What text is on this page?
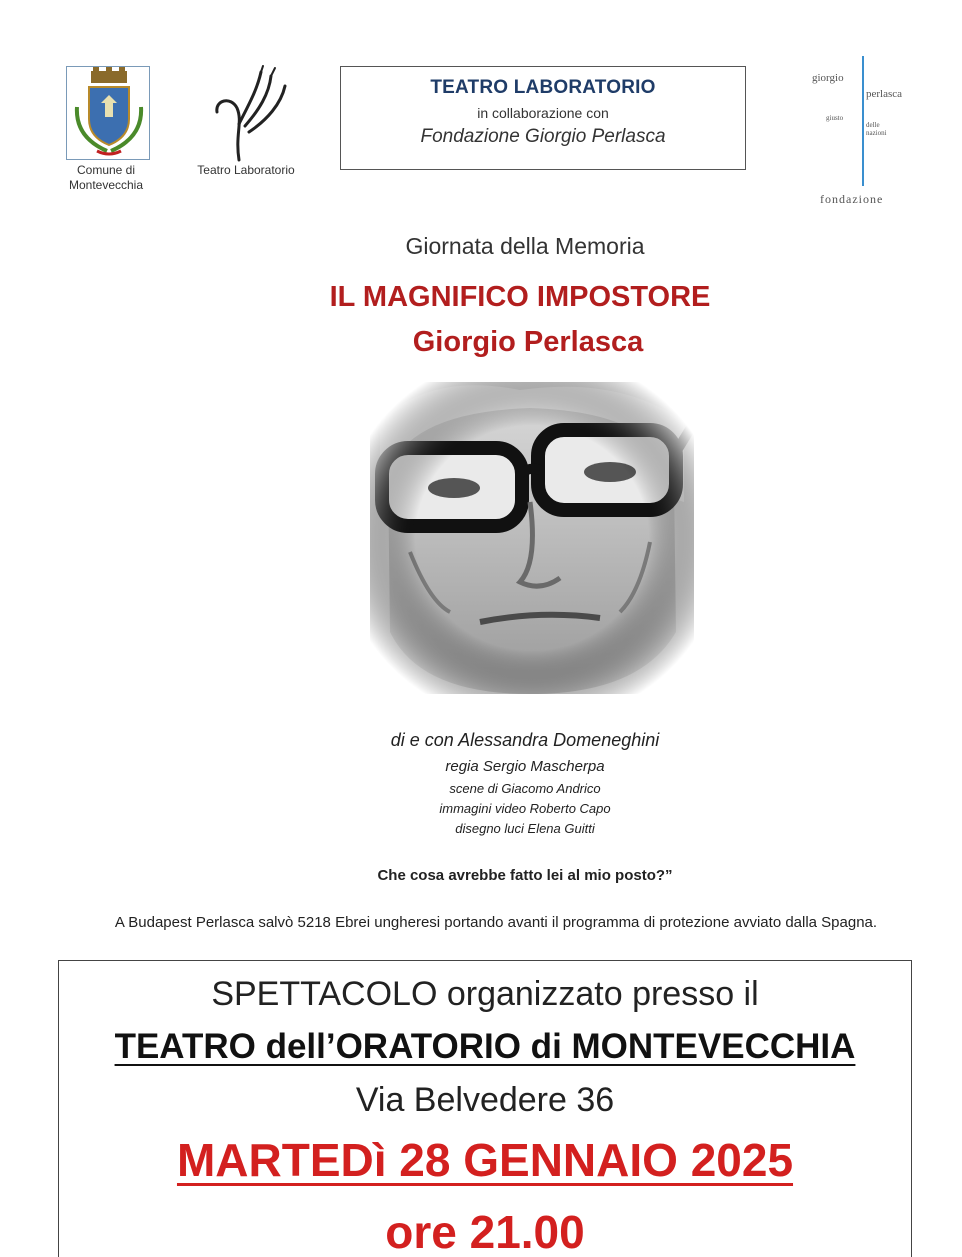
Comune di
Montevecchia
Teatro Laboratorio
TEATRO LABORATORIO
in collaborazione con
Fondazione Giorgio Perlasca
giorgio
perlasca
giusto
delle
nazioni
fondazione
Giornata della Memoria
IL MAGNIFICO IMPOSTORE
Giorgio Perlasca
di e con Alessandra Domeneghini
regia Sergio Mascherpa
scene di Giacomo Andrico
immagini video Roberto Capo
disegno luci Elena Guitti
Che cosa avrebbe fatto lei al mio posto?”
A Budapest Perlasca salvò 5218 Ebrei ungheresi portando avanti il programma di protezione avviato dalla Spagna.
SPETTACOLO organizzato presso il
TEATRO dell’ORATORIO di MONTEVECCHIA
Via Belvedere 36
MARTEDì 28 GENNAIO 2025
ore 21.00
